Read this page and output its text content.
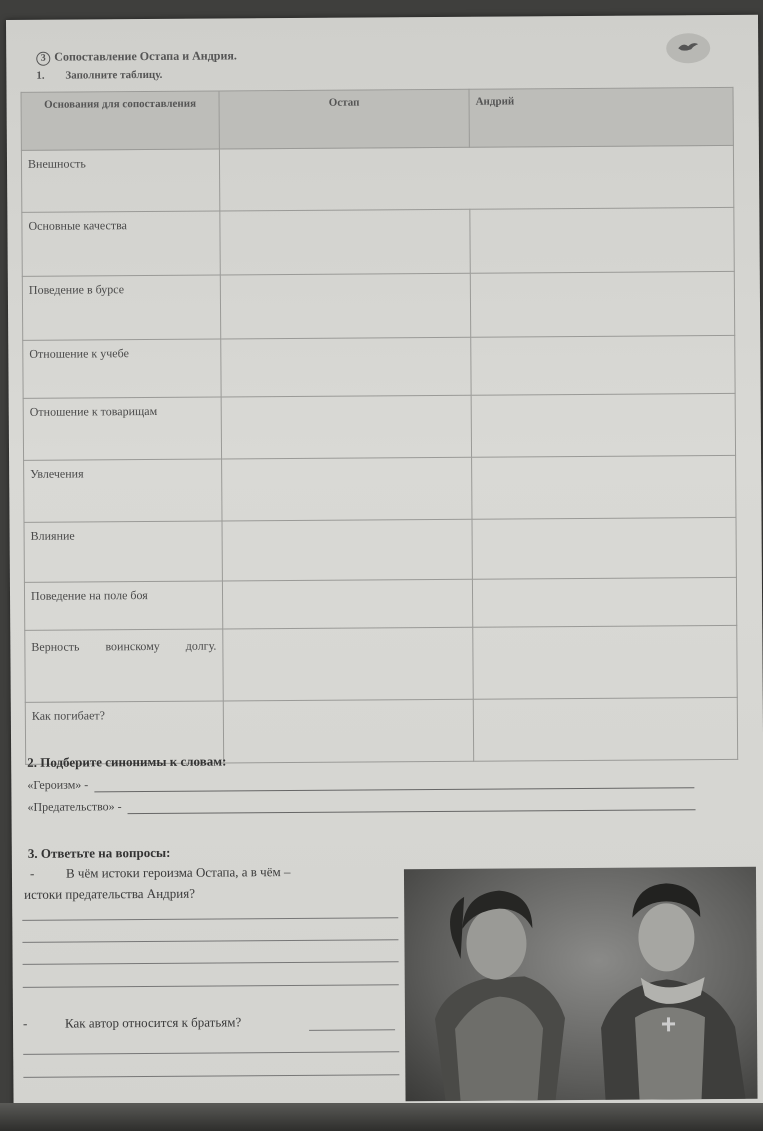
3 Сопоставление Остапа и Андрия.
1. Заполните таблицу.
Основания для сопоставления	Остап	Андрий
Внешность		
Основные качества		
Поведение в бурсе		
Отношение к учебе		
Отношение к товарищам		
Увлечения		
Влияние		
Поведение на поле боя		
Верность воинскому долгу.		
Как погибает?		
2. Подберите синонимы к словам:
«Героизм» -
«Предательство» -
3. Ответьте на вопросы:
- В чём истоки героизма Остапа, а в чём –
истоки предательства Андрия?
-	Как автор относится к братьям?
